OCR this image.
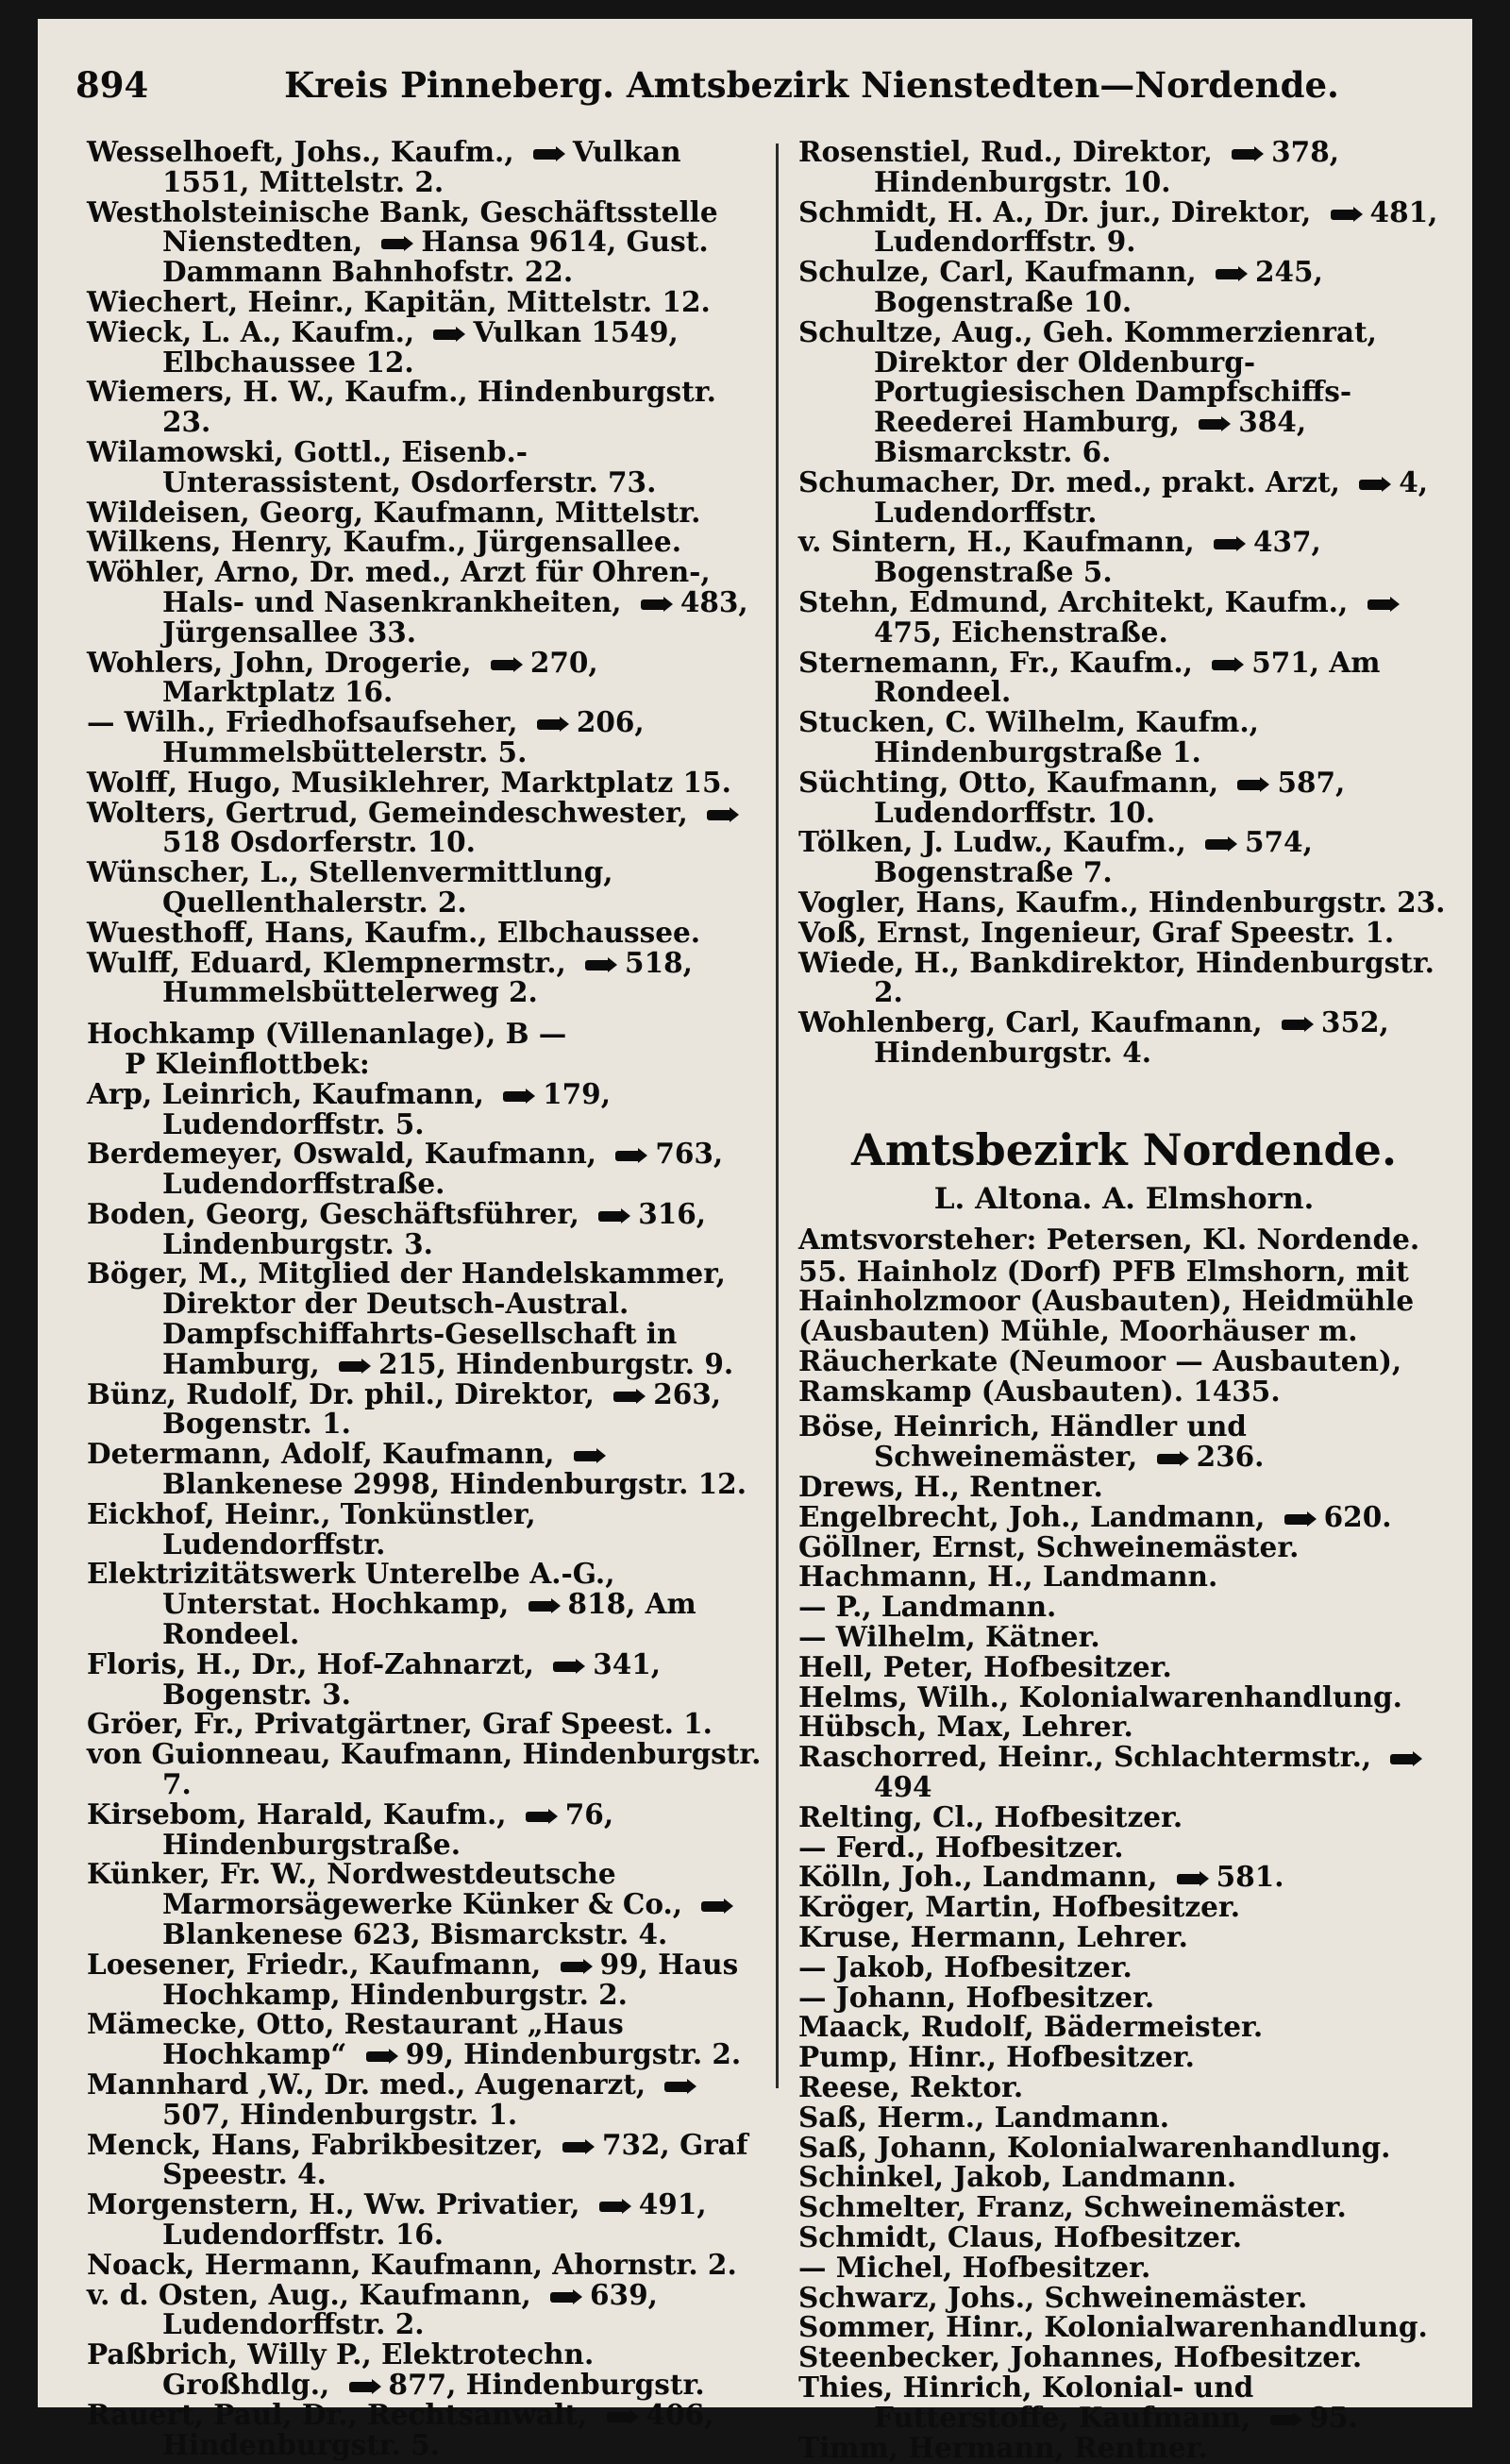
894	Kreis Pinneberg. Amtsbezirk Nienstedten—Nordende.
Wesselhoeft, Johs., Kaufm., Vulkan 1551, Mittelstr. 2.
Westholsteinische Bank, Geschäftsstelle Nienstedten, Hansa 9614, Gust. Dammann Bahnhofstr. 22.
Wiechert, Heinr., Kapitän, Mittelstr. 12.
Wieck, L. A., Kaufm., Vulkan 1549, Elbchaussee 12.
Wiemers, H. W., Kaufm., Hindenburgstr. 23.
Wilamowski, Gottl., Eisenb.-Unterassistent, Osdorferstr. 73.
Wildeisen, Georg, Kaufmann, Mittelstr.
Wilkens, Henry, Kaufm., Jürgensallee.
Wöhler, Arno, Dr. med., Arzt für Ohren-, Hals- und Nasenkrankheiten, 483, Jürgensallee 33.
Wohlers, John, Drogerie, 270, Marktplatz 16.
— Wilh., Friedhofsaufseher, 206, Hummelsbüttelerstr. 5.
Wolff, Hugo, Musiklehrer, Marktplatz 15.
Wolters, Gertrud, Gemeindeschwester, 518 Osdorferstr. 10.
Wünscher, L., Stellenvermittlung, Quellenthalerstr. 2.
Wuesthoff, Hans, Kaufm., Elbchaussee.
Wulff, Eduard, Klempnermstr., 518, Hummelsbüttelerweg 2.
Hochkamp (Villenanlage), B —
P Kleinflottbek:
Arp, Leinrich, Kaufmann, 179, Ludendorffstr. 5.
Berdemeyer, Oswald, Kaufmann, 763, Ludendorffstraße.
Boden, Georg, Geschäftsführer, 316, Lindenburgstr. 3.
Böger, M., Mitglied der Handelskammer, Direktor der Deutsch-Austral. Dampfschiffahrts-Gesellschaft in Hamburg, 215, Hindenburgstr. 9.
Bünz, Rudolf, Dr. phil., Direktor, 263, Bogenstr. 1.
Determann, Adolf, Kaufmann, Blankenese 2998, Hindenburgstr. 12.
Eickhof, Heinr., Tonkünstler, Ludendorffstr.
Elektrizitätswerk Unterelbe A.-G., Unterstat. Hochkamp, 818, Am Rondeel.
Floris, H., Dr., Hof-Zahnarzt, 341, Bogenstr. 3.
Gröer, Fr., Privatgärtner, Graf Speest. 1.
von Guionneau, Kaufmann, Hindenburgstr. 7.
Kirsebom, Harald, Kaufm., 76, Hindenburgstraße.
Künker, Fr. W., Nordwestdeutsche Marmorsägewerke Künker & Co., Blankenese 623, Bismarckstr. 4.
Loesener, Friedr., Kaufmann, 99, Haus Hochkamp, Hindenburgstr. 2.
Mämecke, Otto, Restaurant „Haus Hochkamp“ 99, Hindenburgstr. 2.
Mannhard ,W., Dr. med., Augenarzt, 507, Hindenburgstr. 1.
Menck, Hans, Fabrikbesitzer, 732, Graf Speestr. 4.
Morgenstern, H., Ww. Privatier, 491, Ludendorffstr. 16.
Noack, Hermann, Kaufmann, Ahornstr. 2.
v. d. Osten, Aug., Kaufmann, 639, Ludendorffstr. 2.
Paßbrich, Willy P., Elektrotechn. Großhdlg., 877, Hindenburgstr.
Rauert, Paul, Dr., Rechtsanwalt, 406, Hindenburgstr. 5.
Rosenstiel, Rud., Direktor, 378, Hindenburgstr. 10.
Schmidt, H. A., Dr. jur., Direktor, 481, Ludendorffstr. 9.
Schulze, Carl, Kaufmann, 245, Bogenstraße 10.
Schultze, Aug., Geh. Kommerzienrat, Direktor der Oldenburg-Portugiesischen Dampfschiffs-Reederei Hamburg, 384, Bismarckstr. 6.
Schumacher, Dr. med., prakt. Arzt, 4, Ludendorffstr.
v. Sintern, H., Kaufmann, 437, Bogenstraße 5.
Stehn, Edmund, Architekt, Kaufm., 475, Eichenstraße.
Sternemann, Fr., Kaufm., 571, Am Rondeel.
Stucken, C. Wilhelm, Kaufm., Hindenburgstraße 1.
Süchting, Otto, Kaufmann, 587, Ludendorffstr. 10.
Tölken, J. Ludw., Kaufm., 574, Bogenstraße 7.
Vogler, Hans, Kaufm., Hindenburgstr. 23.
Voß, Ernst, Ingenieur, Graf Speestr. 1.
Wiede, H., Bankdirektor, Hindenburgstr. 2.
Wohlenberg, Carl, Kaufmann, 352, Hindenburgstr. 4.
Amtsbezirk Nordende.
L. Altona. A. Elmshorn.
Amtsvorsteher: Petersen, Kl. Nordende.
55. Hainholz (Dorf) PFB Elmshorn, mit Hainholzmoor (Ausbauten), Heidmühle (Ausbauten) Mühle, Moorhäuser m. Räucherkate (Neumoor — Ausbauten), Ramskamp (Ausbauten). 1435.
Böse, Heinrich, Händler und Schweinemäster, 236.
Drews, H., Rentner.
Engelbrecht, Joh., Landmann, 620.
Göllner, Ernst, Schweinemäster.
Hachmann, H., Landmann.
— P., Landmann.
— Wilhelm, Kätner.
Hell, Peter, Hofbesitzer.
Helms, Wilh., Kolonialwarenhandlung.
Hübsch, Max, Lehrer.
Raschorred, Heinr., Schlachtermstr., 494
Relting, Cl., Hofbesitzer.
— Ferd., Hofbesitzer.
Kölln, Joh., Landmann, 581.
Kröger, Martin, Hofbesitzer.
Kruse, Hermann, Lehrer.
— Jakob, Hofbesitzer.
— Johann, Hofbesitzer.
Maack, Rudolf, Bädermeister.
Pump, Hinr., Hofbesitzer.
Reese, Rektor.
Saß, Herm., Landmann.
Saß, Johann, Kolonialwarenhandlung.
Schinkel, Jakob, Landmann.
Schmelter, Franz, Schweinemäster.
Schmidt, Claus, Hofbesitzer.
— Michel, Hofbesitzer.
Schwarz, Johs., Schweinemäster.
Sommer, Hinr., Kolonialwarenhandlung.
Steenbecker, Johannes, Hofbesitzer.
Thies, Hinrich, Kolonial- und Futterstoffe, Kaufmann, 95.
Timm, Hermann, Rentner.
